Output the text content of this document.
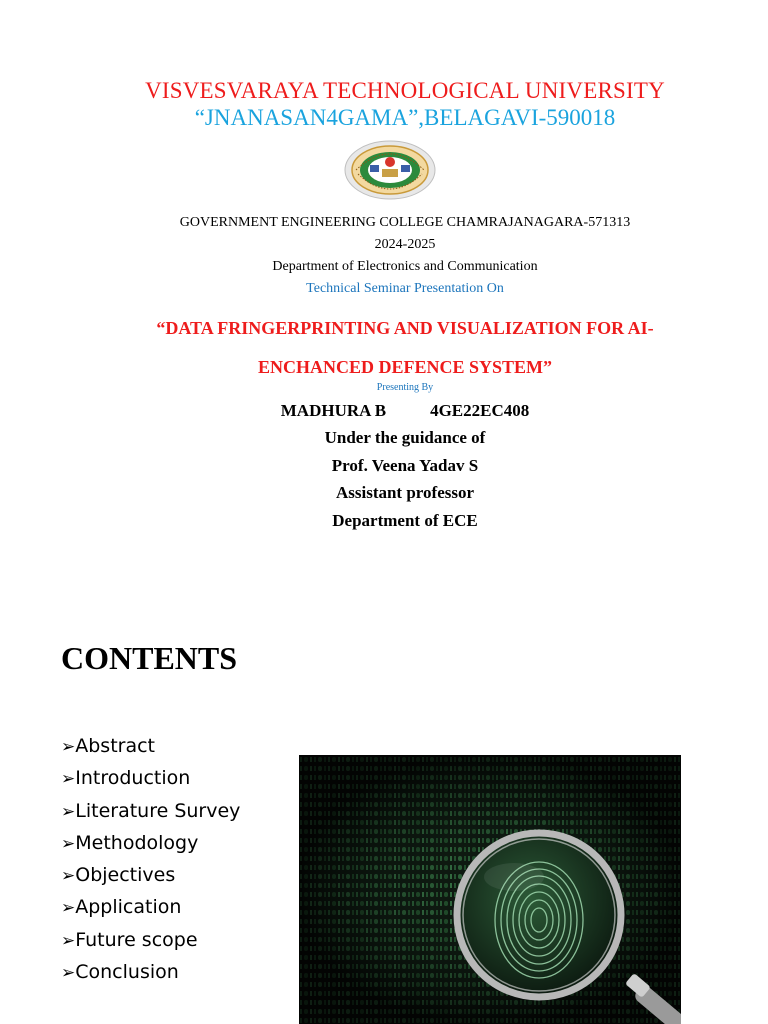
VISVESVARAYA TECHNOLOGICAL UNIVERSITY
“JNANASAN4GAMA”,BELAGAVI-590018
GOVERNMENT ENGINEERING COLLEGE CHAMRAJANAGARA-571313
2024-2025
Department of Electronics and Communication
Technical Seminar Presentation On
“DATA FRINGERPRINTING AND VISUALIZATION FOR AI-
ENCHANCED DEFENCE SYSTEM”
Presenting By
MADHURA B	4GE22EC408
Under the guidance of
Prof. Veena Yadav S
Assistant professor
Department of ECE
CONTENTS
➢Abstract
➢Introduction
➢Literature Survey
➢Methodology
➢Objectives
➢Application
➢Future scope
➢Conclusion
